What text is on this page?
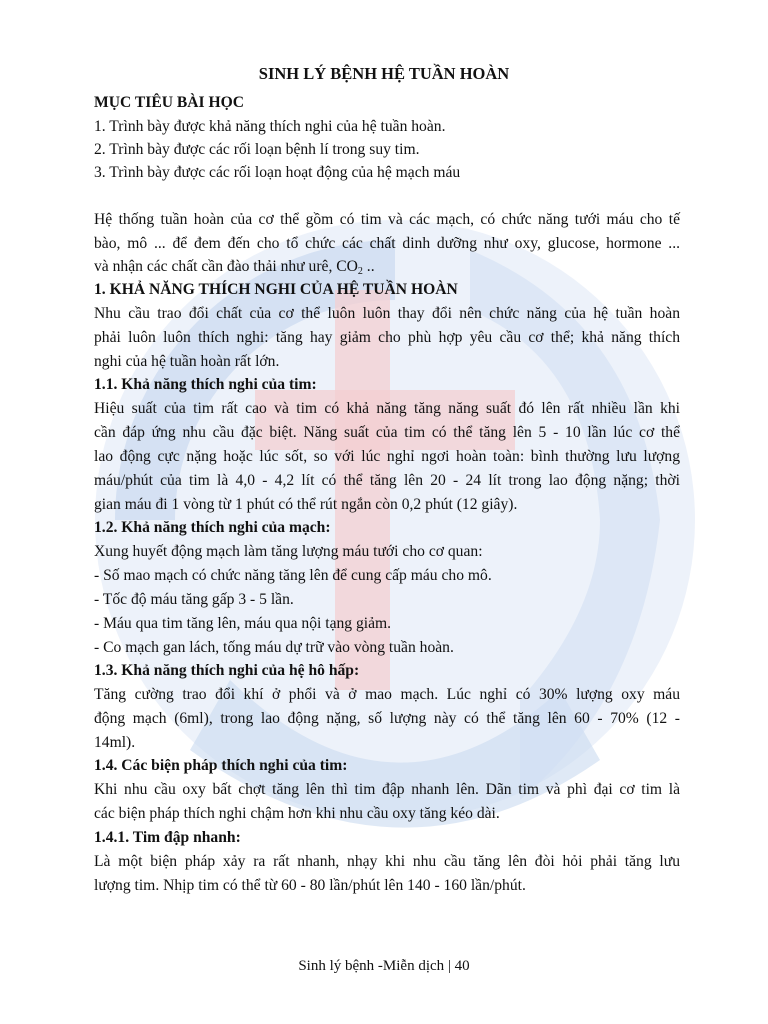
SINH LÝ BỆNH HỆ TUẦN HOÀN
MỤC TIÊU BÀI HỌC
1. Trình bày được khả năng thích nghi của hệ tuần hoàn.
2. Trình bày được các rối loạn bệnh lí trong suy tim.
3. Trình bày được các rối loạn hoạt động của hệ mạch máu
Hệ thống tuần hoàn của cơ thể gồm có tim và các mạch, có chức năng tưới máu cho tế
bào, mô ... để đem đến cho tổ chức các chất dinh dưỡng như oxy, glucose, hormone ...
và nhận các chất cần đào thải như urê, $CO_2$ ..
1. KHẢ NĂNG THÍCH NGHI CỦA HỆ TUẦN HOÀN
Nhu cầu trao đổi chất của cơ thể luôn luôn thay đổi nên chức năng của hệ tuần hoàn
phải luôn luôn thích nghi: tăng hay giảm cho phù hợp yêu cầu cơ thể; khả năng thích
nghi của hệ tuần hoàn rất lớn.
1.1. Khả năng thích nghi của tim:
Hiệu suất của tim rất cao và tim có khả năng tăng năng suất đó lên rất nhiều lần khi
cần đáp ứng nhu cầu đặc biệt. Năng suất của tim có thể tăng lên 5 - 10 lần lúc cơ thể
lao động cực nặng hoặc lúc sốt, so với lúc nghỉ ngơi hoàn toàn: bình thường lưu lượng
máu/phút của tim là 4,0 - 4,2 lít có thể tăng lên 20 - 24 lít trong lao động nặng; thời
gian máu đi 1 vòng từ 1 phút có thể rút ngắn còn 0,2 phút (12 giây).
1.2. Khả năng thích nghi của mạch:
Xung huyết động mạch làm tăng lượng máu tưới cho cơ quan:
- Số mao mạch có chức năng tăng lên để cung cấp máu cho mô.
- Tốc độ máu tăng gấp 3 - 5 lần.
- Máu qua tim tăng lên, máu qua nội tạng giảm.
- Co mạch gan lách, tống máu dự trữ vào vòng tuần hoàn.
1.3. Khả năng thích nghi của hệ hô hấp:
Tăng cường trao đổi khí ở phổi và ở mao mạch. Lúc nghỉ có 30% lượng oxy máu
động mạch (6ml), trong lao động nặng, số lượng này có thể tăng lên 60 - 70% (12 -
14ml).
1.4. Các biện pháp thích nghi của tim:
Khi nhu cầu oxy bất chợt tăng lên thì tim đập nhanh lên. Dãn tim và phì đại cơ tim là
các biện pháp thích nghi chậm hơn khi nhu cầu oxy tăng kéo dài.
1.4.1. Tim đập nhanh:
Là một biện pháp xảy ra rất nhanh, nhạy khi nhu cầu tăng lên đòi hỏi phải tăng lưu
lượng tim. Nhịp tim có thể từ 60 - 80 lần/phút lên 140 - 160 lần/phút.
Sinh lý bệnh -Miễn dịch | 40
